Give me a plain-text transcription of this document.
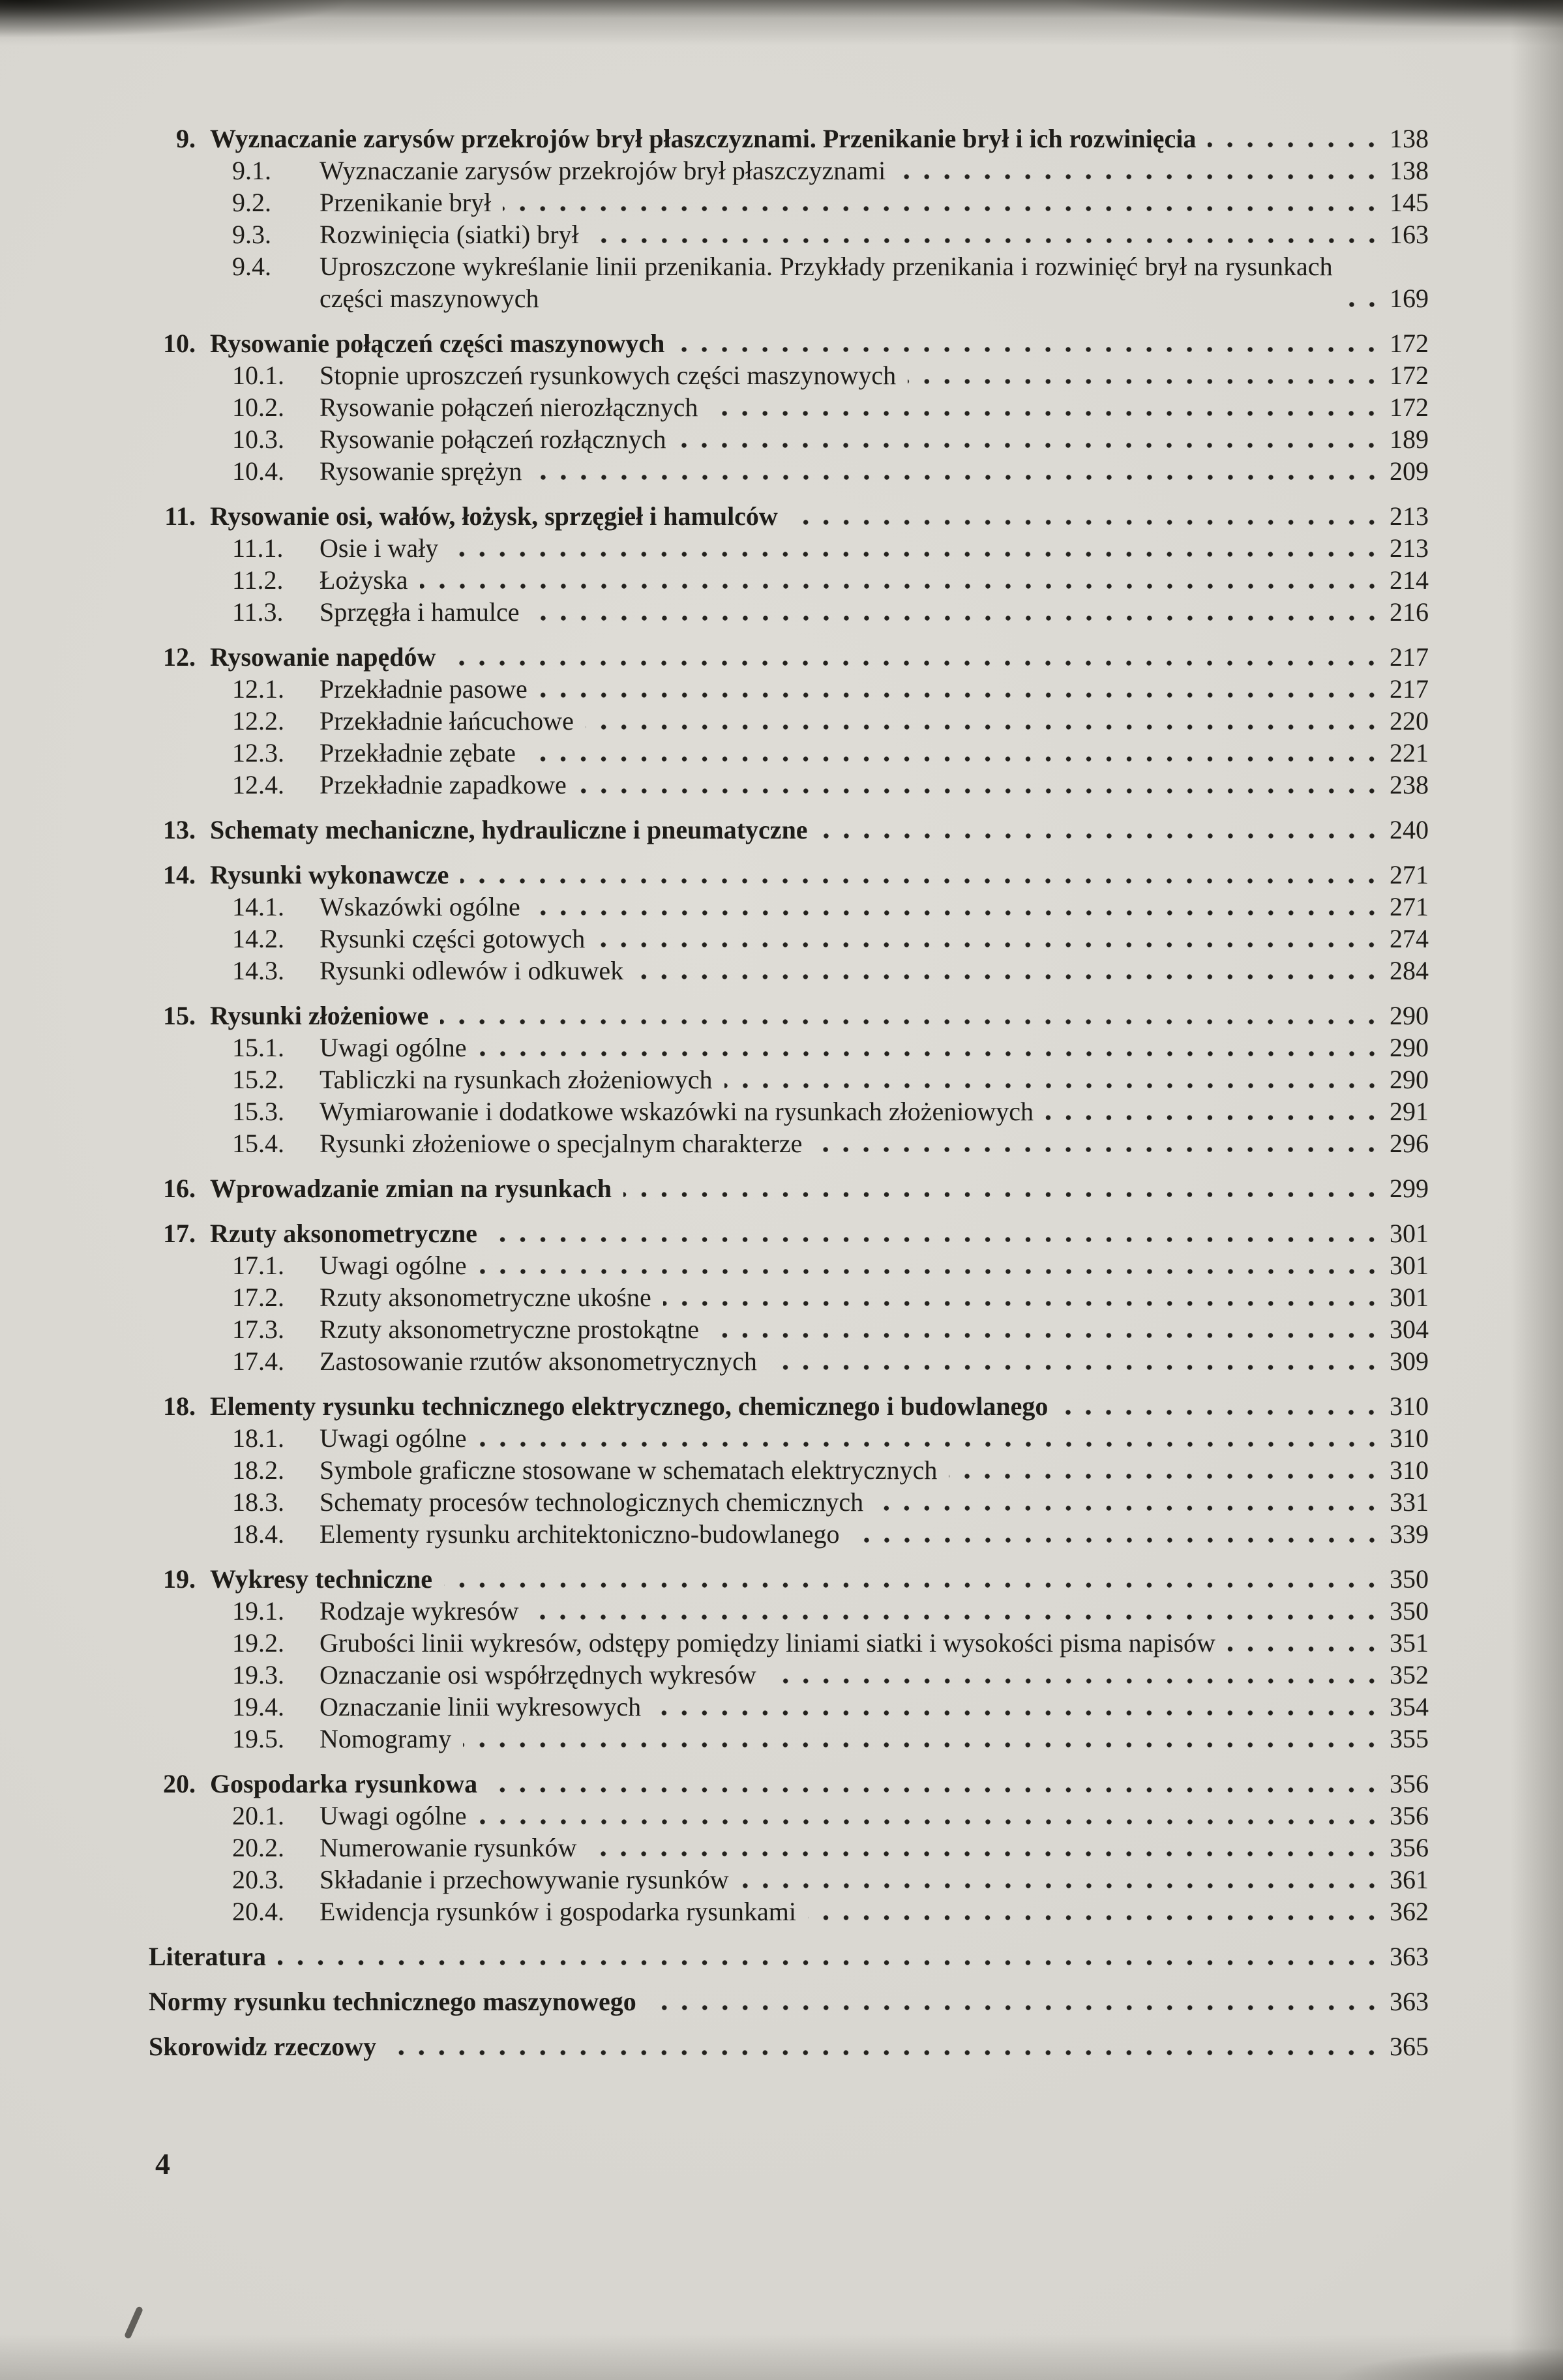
9. Wyznaczanie zarysów przekrojów brył płaszczyznami. Przenikanie brył i ich rozwinięcia	138
9.1.	Wyznaczanie zarysów przekrojów brył płaszczyznami	138
9.2.	Przenikanie brył	145
9.3.	Rozwinięcia (siatki) brył	163
9.4.	Uproszczone wykreślanie linii przenikania. Przykłady przenikania i rozwinięć brył na rysunkach części maszynowych	169
10. Rysowanie połączeń części maszynowych	172
10.1.	Stopnie uproszczeń rysunkowych części maszynowych	172
10.2.	Rysowanie połączeń nierozłącznych	172
10.3.	Rysowanie połączeń rozłącznych	189
10.4.	Rysowanie sprężyn	209
11. Rysowanie osi, wałów, łożysk, sprzęgieł i hamulców	213
11.1.	Osie i wały	213
11.2.	Łożyska	214
11.3.	Sprzęgła i hamulce	216
12. Rysowanie napędów	217
12.1.	Przekładnie pasowe	217
12.2.	Przekładnie łańcuchowe	220
12.3.	Przekładnie zębate	221
12.4.	Przekładnie zapadkowe	238
13. Schematy mechaniczne, hydrauliczne i pneumatyczne	240
14. Rysunki wykonawcze	271
14.1.	Wskazówki ogólne	271
14.2.	Rysunki części gotowych	274
14.3.	Rysunki odlewów i odkuwek	284
15. Rysunki złożeniowe	290
15.1.	Uwagi ogólne	290
15.2.	Tabliczki na rysunkach złożeniowych	290
15.3.	Wymiarowanie i dodatkowe wskazówki na rysunkach złożeniowych	291
15.4.	Rysunki złożeniowe o specjalnym charakterze	296
16. Wprowadzanie zmian na rysunkach	299
17. Rzuty aksonometryczne	301
17.1.	Uwagi ogólne	301
17.2.	Rzuty aksonometryczne ukośne	301
17.3.	Rzuty aksonometryczne prostokątne	304
17.4.	Zastosowanie rzutów aksonometrycznych	309
18. Elementy rysunku technicznego elektrycznego, chemicznego i budowlanego	310
18.1.	Uwagi ogólne	310
18.2.	Symbole graficzne stosowane w schematach elektrycznych	310
18.3.	Schematy procesów technologicznych chemicznych	331
18.4.	Elementy rysunku architektoniczno-budowlanego	339
19. Wykresy techniczne	350
19.1.	Rodzaje wykresów	350
19.2.	Grubości linii wykresów, odstępy pomiędzy liniami siatki i wysokości pisma napisów	351
19.3.	Oznaczanie osi współrzędnych wykresów	352
19.4.	Oznaczanie linii wykresowych	354
19.5.	Nomogramy	355
20. Gospodarka rysunkowa	356
20.1.	Uwagi ogólne	356
20.2.	Numerowanie rysunków	356
20.3.	Składanie i przechowywanie rysunków	361
20.4.	Ewidencja rysunków i gospodarka rysunkami	362
Literatura	363
Normy rysunku technicznego maszynowego	363
Skorowidz rzeczowy	365
4
